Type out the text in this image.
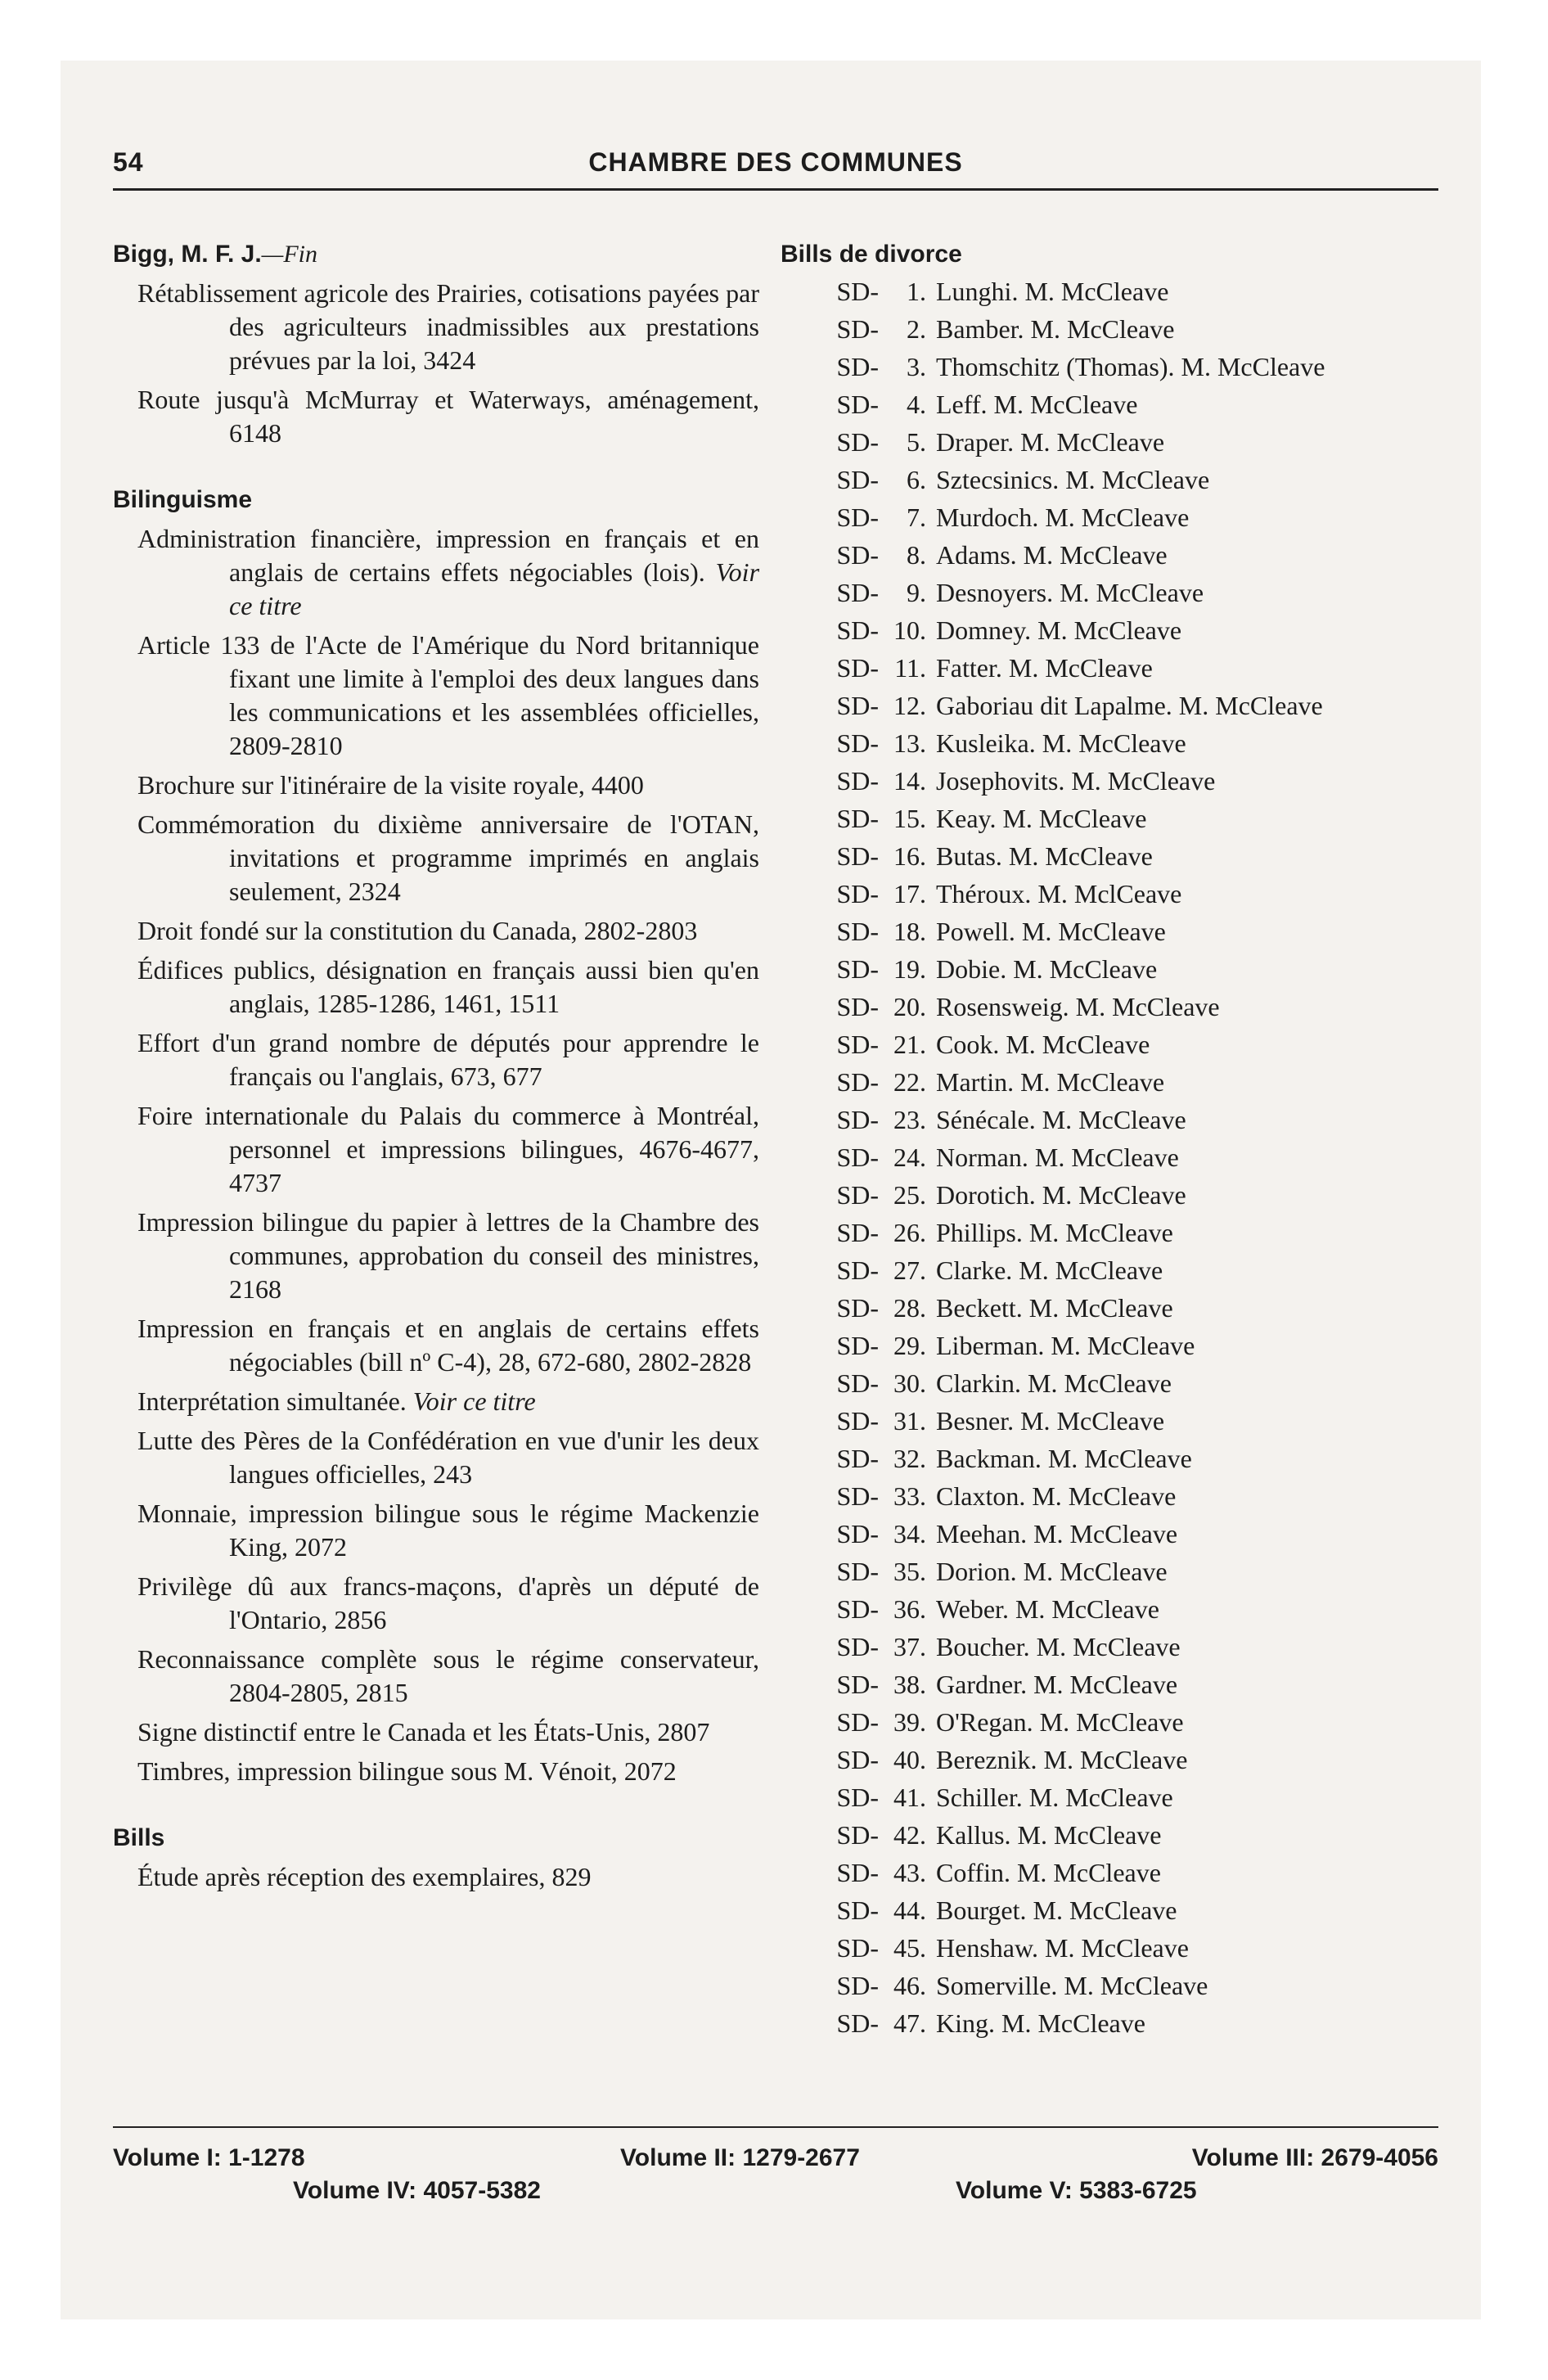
54	CHAMBRE DES COMMUNES
Bigg, M. F. J.—Fin
Rétablissement agricole des Prairies, cotisations payées par des agriculteurs inadmissibles aux prestations prévues par la loi, 3424
Route jusqu'à McMurray et Waterways, aménagement, 6148
Bilinguisme
Administration financière, impression en français et en anglais de certains effets négociables (lois). Voir ce titre
Article 133 de l'Acte de l'Amérique du Nord britannique fixant une limite à l'emploi des deux langues dans les communications et les assemblées officielles, 2809-2810
Brochure sur l'itinéraire de la visite royale, 4400
Commémoration du dixième anniversaire de l'OTAN, invitations et programme imprimés en anglais seulement, 2324
Droit fondé sur la constitution du Canada, 2802-2803
Édifices publics, désignation en français aussi bien qu'en anglais, 1285-1286, 1461, 1511
Effort d'un grand nombre de députés pour apprendre le français ou l'anglais, 673, 677
Foire internationale du Palais du commerce à Montréal, personnel et impressions bilingues, 4676-4677, 4737
Impression bilingue du papier à lettres de la Chambre des communes, approbation du conseil des ministres, 2168
Impression en français et en anglais de certains effets négociables (bill nº C-4), 28, 672-680, 2802-2828
Interprétation simultanée. Voir ce titre
Lutte des Pères de la Confédération en vue d'unir les deux langues officielles, 243
Monnaie, impression bilingue sous le régime Mackenzie King, 2072
Privilège dû aux francs-maçons, d'après un député de l'Ontario, 2856
Reconnaissance complète sous le régime conservateur, 2804-2805, 2815
Signe distinctif entre le Canada et les États-Unis, 2807
Timbres, impression bilingue sous M. Vénoit, 2072
Bills
Étude après réception des exemplaires, 829
Bills de divorce
SD-	1 . Lunghi. M. McCleave
SD-	2 . Bamber. M. McCleave
SD-	3 . Thomschitz (Thomas). M. McCleave
SD-	4 . Leff. M. McCleave
SD-	5 . Draper. M. McCleave
SD-	6 . Sztecsinics. M. McCleave
SD-	7 . Murdoch. M. McCleave
SD-	8 . Adams. M. McCleave
SD-	9 . Desnoyers. M. McCleave
SD- 10 . Domney. M. McCleave
SD- 11 . Fatter. M. McCleave
SD- 12 . Gaboriau dit Lapalme. M. McCleave
SD- 13 . Kusleika. M. McCleave
SD- 14 . Josephovits. M. McCleave
SD- 15 . Keay. M. McCleave
SD- 16 . Butas. M. McCleave
SD- 17 . Théroux. M. MclCeave
SD- 18 . Powell. M. McCleave
SD- 19 . Dobie. M. McCleave
SD- 20 . Rosensweig. M. McCleave
SD- 21 . Cook. M. McCleave
SD- 22 . Martin. M. McCleave
SD- 23 . Sénécale. M. McCleave
SD- 24 . Norman. M. McCleave
SD- 25 . Dorotich. M. McCleave
SD- 26 . Phillips. M. McCleave
SD- 27 . Clarke. M. McCleave
SD- 28 . Beckett. M. McCleave
SD- 29 . Liberman. M. McCleave
SD- 30 . Clarkin. M. McCleave
SD- 31 . Besner. M. McCleave
SD- 32 . Backman. M. McCleave
SD- 33 . Claxton. M. McCleave
SD- 34 . Meehan. M. McCleave
SD- 35 . Dorion. M. McCleave
SD- 36 . Weber. M. McCleave
SD- 37 . Boucher. M. McCleave
SD- 38 . Gardner. M. McCleave
SD- 39 . O'Regan. M. McCleave
SD- 40 . Bereznik. M. McCleave
SD- 41 . Schiller. M. McCleave
SD- 42 . Kallus. M. McCleave
SD- 43 . Coffin. M. McCleave
SD- 44 . Bourget. M. McCleave
SD- 45 . Henshaw. M. McCleave
SD- 46 . Somerville. M. McCleave
SD- 47 . King. M. McCleave
Volume I: 1-1278	Volume II: 1279-2677	Volume III: 2679-4056
Volume IV: 4057-5382	Volume V: 5383-6725
